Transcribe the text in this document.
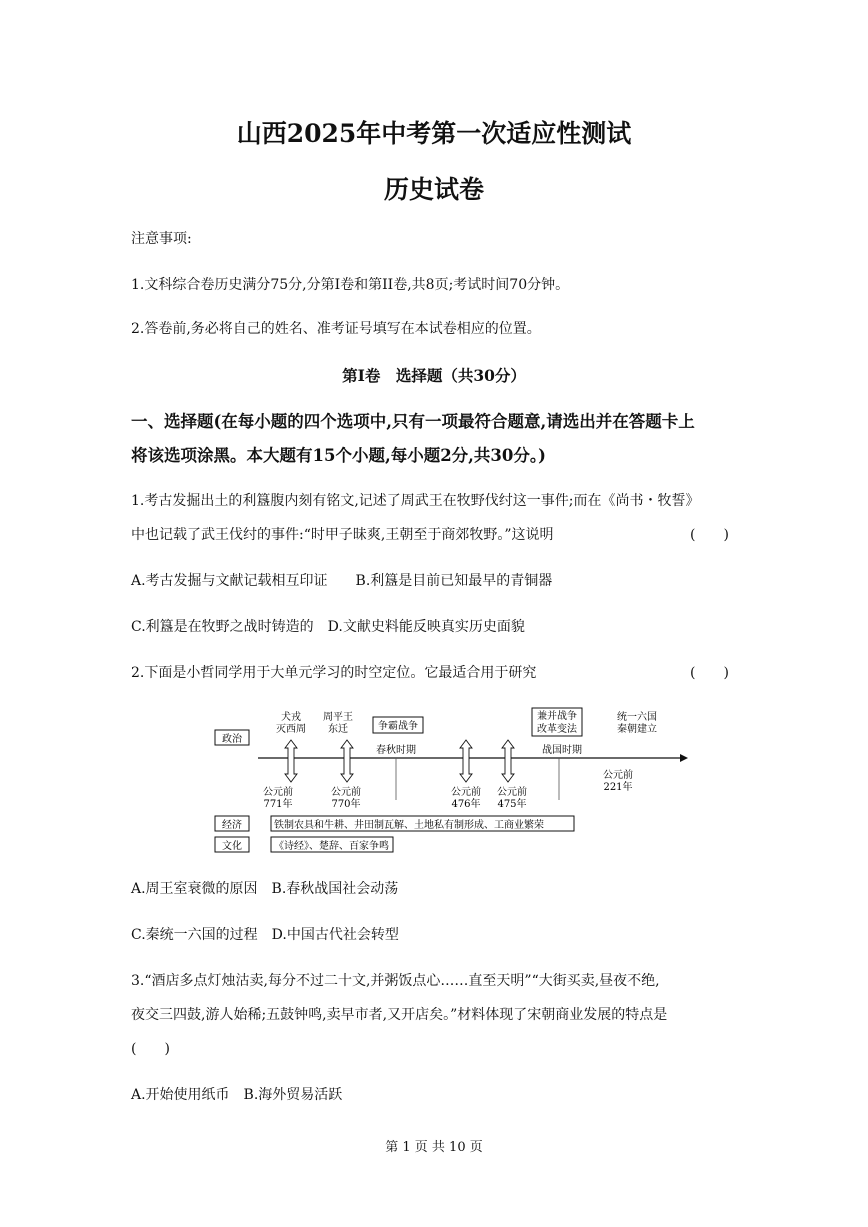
山西2025年中考第一次适应性测试
历史试卷
注意事项:
1.文科综合卷历史满分75分,分第Ⅰ卷和第II卷,共8页;考试时间70分钟。
2.答卷前,务必将自己的姓名、准考证号填写在本试卷相应的位置。
第Ⅰ卷　选择题（共30分）
一、选择题(在每小题的四个选项中,只有一项最符合题意,请选出并在答题卡上
将该选项涂黑。本大题有15个小题,每小题2分,共30分。)
1.考古发掘出土的利簋腹内刻有铭文,记述了周武王在牧野伐纣这一事件;而在《尚书・牧誓》
中也记载了武王伐纣的事件:“时甲子昧爽,王朝至于商郊牧野。”这说明	(　　)
A.考古发掘与文献记载相互印证　　B.利簋是目前已知最早的青铜器
C.利簋是在牧野之战时铸造的　D.文献史料能反映真实历史面貌
2.下面是小哲同学用于大单元学习的时空定位。它最适合用于研究	(　　)
政治
犬戎
灭西周
周平王
东迁	争霸战争
春秋时期
兼并战争
改革变法
战国时期
统一六国
秦朝建立
公元前
771年
公元前
770年
公元前
476年
公元前
475年
公元前
221年
经济	铁制农具和牛耕、井田制瓦解、土地私有制形成、工商业繁荣
文化	《诗经》、楚辞、百家争鸣
A.周王室衰微的原因　B.春秋战国社会动荡
C.秦统一六国的过程　D.中国古代社会转型
3.“酒店多点灯烛沽卖,每分不过二十文,并粥饭点心……直至天明”“大街买卖,昼夜不绝,
夜交三四鼓,游人始稀;五鼓钟鸣,卖早市者,又开店矣。”材料体现了宋朝商业发展的特点是
(　　)
A.开始使用纸币　B.海外贸易活跃
第 1 页 共 10 页
